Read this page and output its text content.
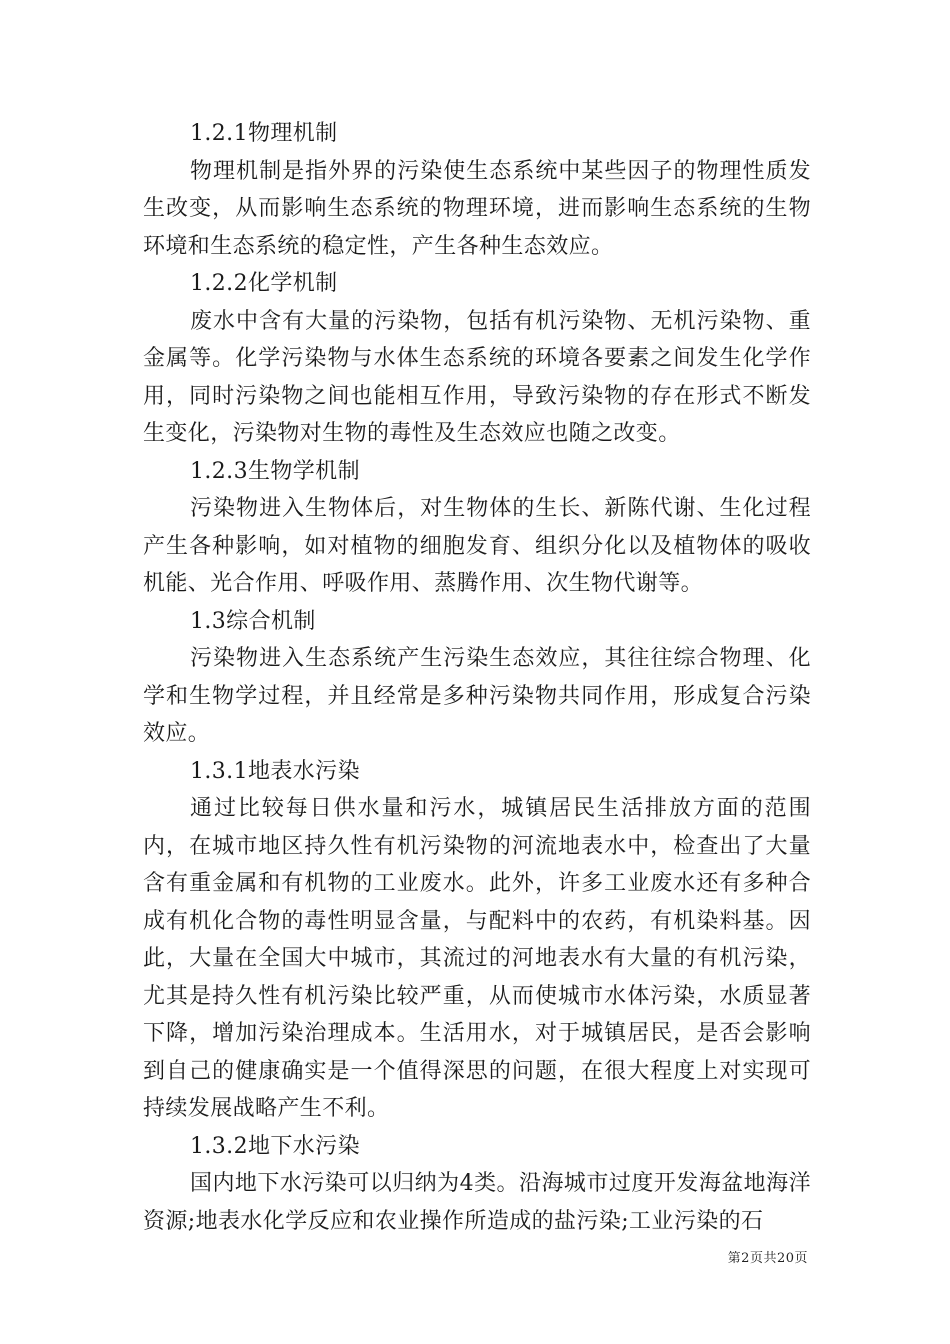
1.2.1物理机制

物理机制是指外界的污染使生态系统中某些因子的物理性质发生改变，从而影响生态系统的物理环境，进而影响生态系统的生物环境和生态系统的稳定性，产生各种生态效应。

1.2.2化学机制

废水中含有大量的污染物，包括有机污染物、无机污染物、重金属等。化学污染物与水体生态系统的环境各要素之间发生化学作用，同时污染物之间也能相互作用，导致污染物的存在形式不断发生变化，污染物对生物的毒性及生态效应也随之改变。

1.2.3生物学机制

污染物进入生物体后，对生物体的生长、新陈代谢、生化过程产生各种影响，如对植物的细胞发育、组织分化以及植物体的吸收机能、光合作用、呼吸作用、蒸腾作用、次生物代谢等。

1.3综合机制

污染物进入生态系统产生污染生态效应，其往往综合物理、化学和生物学过程，并且经常是多种污染物共同作用，形成复合污染效应。

1.3.1地表水污染

通过比较每日供水量和污水，城镇居民生活排放方面的范围内，在城市地区持久性有机污染物的河流地表水中，检查出了大量含有重金属和有机物的工业废水。此外，许多工业废水还有多种合成有机化合物的毒性明显含量，与配料中的农药，有机染料基。因此，大量在全国大中城市，其流过的河地表水有大量的有机污染，尤其是持久性有机污染比较严重，从而使城市水体污染，水质显著下降，增加污染治理成本。生活用水，对于城镇居民，是否会影响到自己的健康确实是一个值得深思的问题，在很大程度上对实现可持续发展战略产生不利。

1.3.2地下水污染

国内地下水污染可以归纳为4类。沿海城市过度开发海盆地海洋资源;地表水化学反应和农业操作所造成的盐污染;工业污染的石

第2页共20页
